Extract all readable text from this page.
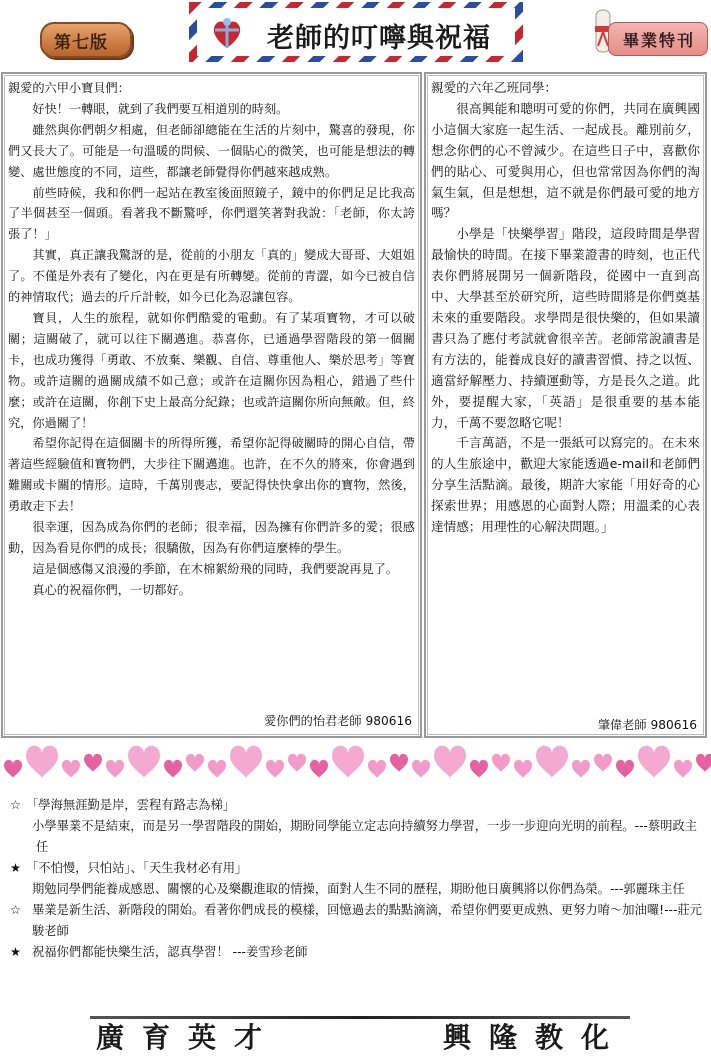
第七版	老師的叮嚀與祝福	畢業特刊

親愛的六甲小寶貝們：

好快！一轉眼，就到了我們要互相道別的時刻。

雖然與你們朝夕相處，但老師卻總能在生活的片刻中，驚喜的發現，你們又長大了。可能是一句溫暖的問候、一個貼心的微笑，也可能是想法的轉變、處世態度的不同，這些，都讓老師覺得你們越來越成熟。

前些時候，我和你們一起站在教室後面照鏡子，鏡中的你們足足比我高了半個甚至一個頭。看著我不斷驚呼，你們還笑著對我說：「老師，你太誇張了！」

其實，真正讓我驚訝的是，從前的小朋友「真的」變成大哥哥、大姐姐了。不僅是外表有了變化，內在更是有所轉變。從前的青澀，如今已被自信的神情取代；過去的斤斤計較，如今已化為忍讓包容。

寶貝，人生的旅程，就如你們酷愛的電動。有了某項寶物，才可以破關；這關破了，就可以往下關邁進。恭喜你，已通過學習階段的第一個關卡，也成功獲得「勇敢、不放棄、樂觀、自信、尊重他人、樂於思考」等寶物。或許這關的過關成績不如己意；或許在這關你因為粗心，錯過了些什麼；或許在這關，你創下史上最高分紀錄；也或許這關你所向無敵。但，終究，你過關了！

希望你記得在這個關卡的所得所獲，希望你記得破關時的開心自信，帶著這些經驗值和寶物們，大步往下關邁進。也許，在不久的將來，你會遇到難關或卡關的情形。這時，千萬別喪志，要記得快快拿出你的寶物，然後，勇敢走下去！

很幸運，因為成為你們的老師；很幸福，因為擁有你們許多的愛；很感動，因為看見你們的成長；很驕傲，因為有你們這麼棒的學生。

這是個感傷又浪漫的季節，在木棉絮紛飛的同時，我們要說再見了。

真心的祝福你們，一切都好。

愛你們的怡君老師 980616

親愛的六年乙班同學：

很高興能和聰明可愛的你們，共同在廣興國小這個大家庭一起生活、一起成長。離別前夕，想念你們的心不曾減少。在這些日子中，喜歡你們的貼心、可愛與用心，但也常常因為你們的淘氣生氣，但是想想，這不就是你們最可愛的地方嗎？

小學是「快樂學習」階段，這段時間是學習最愉快的時間。在接下畢業證書的時刻，也正代表你們將展開另一個新階段，從國中一直到高中、大學甚至於研究所，這些時間將是你們奠基未來的重要階段。求學問是很快樂的，但如果讀書只為了應付考試就會很辛苦。老師常說讀書是有方法的，能養成良好的讀書習慣、持之以恆、適當紓解壓力、持續運動等，方是長久之道。此外，要提醒大家，「英語」是很重要的基本能力，千萬不要忽略它呢！

千言萬語，不是一張紙可以寫完的。在未來的人生旅途中，歡迎大家能透過e-mail和老師們分享生活點滴。最後，期許大家能「用好奇的心探索世界；用感恩的心面對人際；用溫柔的心表達情感；用理性的心解決問題。」

肇偉老師 980616
☆ 「學海無涯勤是岸，雲程有路志為梯」
小學畢業不是結束，而是另一學習階段的開始，期盼同學能立定志向持續努力學習，一步一步迎向光明的前程。---蔡明政主任
★ 「不怕慢，只怕站」、「天生我材必有用」
期勉同學們能養成感恩、關懷的心及樂觀進取的情操，面對人生不同的歷程，期盼他日廣興將以你們為榮。---郭麗珠主任
☆ 畢業是新生活、新階段的開始。看著你們成長的模樣，回憶過去的點點滴滴，希望你們要更成熟、更努力唷～加油囉!---莊元駿老師
★ 祝福你們都能快樂生活，認真學習！ ---姜雪珍老師
廣育英才	興隆教化
